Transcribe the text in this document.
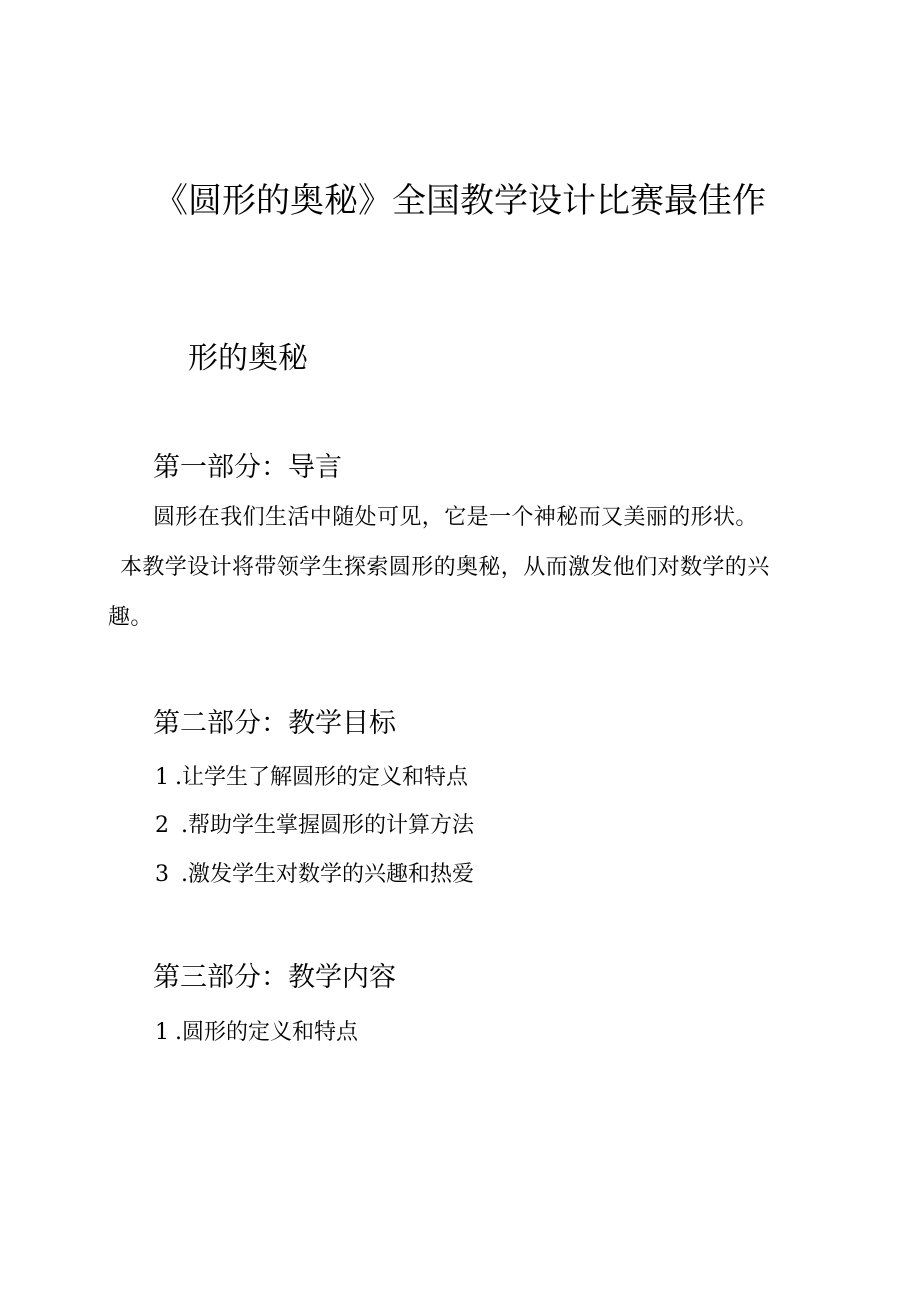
《圆形的奥秘》全国教学设计比赛最佳作
形的奥秘
第一部分：导言

圆形在我们生活中随处可见，它是一个神秘而又美丽的形状。

本教学设计将带领学生探索圆形的奥秘，从而激发他们对数学的兴

趣。

第二部分：教学目标

1 .让学生了解圆形的定义和特点

2 .帮助学生掌握圆形的计算方法

3 .激发学生对数学的兴趣和热爱

第三部分：教学内容

1 .圆形的定义和特点
